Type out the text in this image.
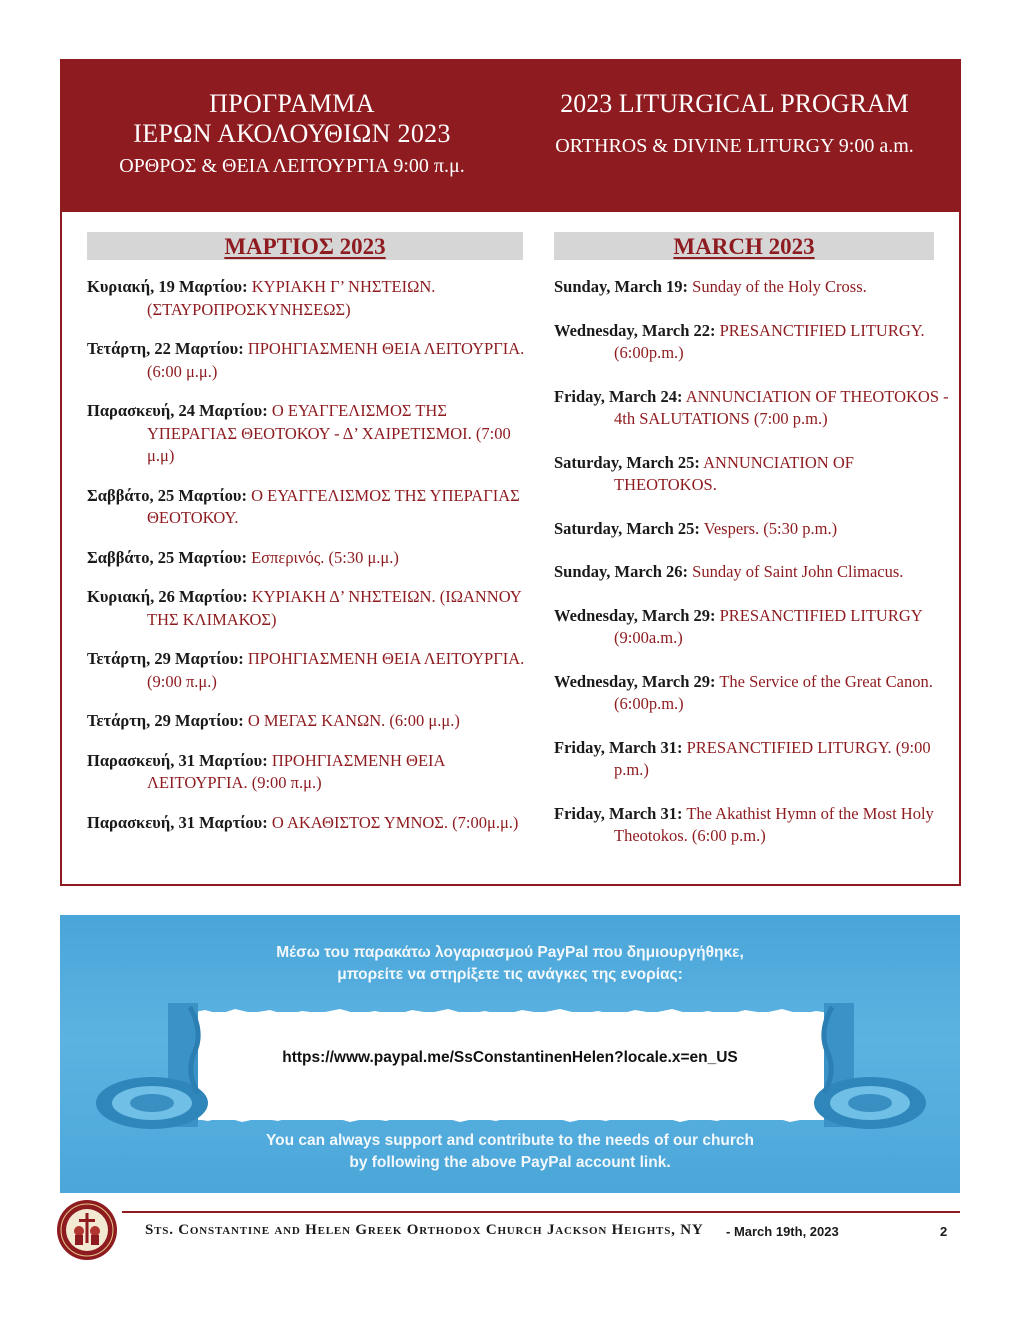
ΠΡΟΓΡΑΜΜΑ
ΙΕΡΩΝ ΑΚΟΛΟΥΘΙΩΝ 2023
ΟΡΘΡΟΣ & ΘΕΙΑ ΛΕΙΤΟΥΡΓΙΑ 9:00 π.μ.
2023 LITURGICAL PROGRAM
ORTHROS & DIVINE LITURGY 9:00 a.m.
ΜΑΡΤΙΟΣ 2023	MARCH 2023
Κυριακή, 19 Μαρτίου: ΚΥΡΙΑΚΗ Γ’ ΝΗΣΤΕΙΩΝ. (ΣΤΑΥΡΟΠΡΟΣΚΥΝΗΣΕΩΣ)
Τετάρτη, 22 Μαρτίου: ΠΡΟΗΓΙΑΣΜΕΝΗ ΘΕΙΑ ΛΕΙΤΟΥΡΓΙΑ. (6:00 μ.μ.)
Παρασκευή, 24 Μαρτίου: Ο ΕΥΑΓΓΕΛΙΣΜΟΣ ΤΗΣ ΥΠΕΡΑΓΙΑΣ ΘΕΟΤΟΚΟΥ - Δ’ ΧΑΙΡΕΤΙΣΜΟΙ. (7:00 μ.μ)
Σαββάτο, 25 Μαρτίου: Ο ΕΥΑΓΓΕΛΙΣΜΟΣ ΤΗΣ ΥΠΕΡΑΓΙΑΣ ΘΕΟΤΟΚΟΥ.
Σαββάτο, 25 Μαρτίου: Εσπερινός. (5:30 μ.μ.)
Κυριακή, 26 Μαρτίου: ΚΥΡΙΑΚΗ Δ’ ΝΗΣΤΕΙΩΝ. (ΙΩΑΝΝΟΥ ΤΗΣ ΚΛΙΜΑΚΟΣ)
Τετάρτη, 29 Μαρτίου: ΠΡΟΗΓΙΑΣΜΕΝΗ ΘΕΙΑ ΛΕΙΤΟΥΡΓΙΑ. (9:00 π.μ.)
Τετάρτη, 29 Μαρτίου: Ο ΜΕΓΑΣ ΚΑΝΩΝ. (6:00 μ.μ.)
Παρασκευή, 31 Μαρτίου: ΠΡΟΗΓΙΑΣΜΕΝΗ ΘΕΙΑ ΛΕΙΤΟΥΡΓΙΑ. (9:00 π.μ.)
Παρασκευή, 31 Μαρτίου: Ο ΑΚΑΘΙΣΤΟΣ ΥΜΝΟΣ. (7:00μ.μ.)
Sunday, March 19: Sunday of the Holy Cross.
Wednesday, March 22: PRESANCTIFIED LITURGY. (6:00p.m.)
Friday, March 24: ANNUNCIATION OF THEOTOKOS - 4th SALUTATIONS (7:00 p.m.)
Saturday, March 25: ANNUNCIATION OF THEOTOKOS.
Saturday, March 25: Vespers. (5:30 p.m.)
Sunday, March 26: Sunday of Saint John Climacus.
Wednesday, March 29: PRESANCTIFIED LITURGY (9:00a.m.)
Wednesday, March 29: The Service of the Great Canon. (6:00p.m.)
Friday, March 31: PRESANCTIFIED LITURGY. (9:00 p.m.)
Friday, March 31: The Akathist Hymn of the Most Holy Theotokos. (6:00 p.m.)
Μέσω του παρακάτω λογαριασμού PayPal που δημιουργήθηκε,
μπορείτε να στηρίξετε τις ανάγκες της ενορίας:
https://www.paypal.me/SsConstantinenHelen?locale.x=en_US
You can always support and contribute to the needs of our church
by following the above PayPal account link.
Sts. Constantine and Helen Greek Orthodox Church Jackson Heights, NY - March 19th, 2023	2
